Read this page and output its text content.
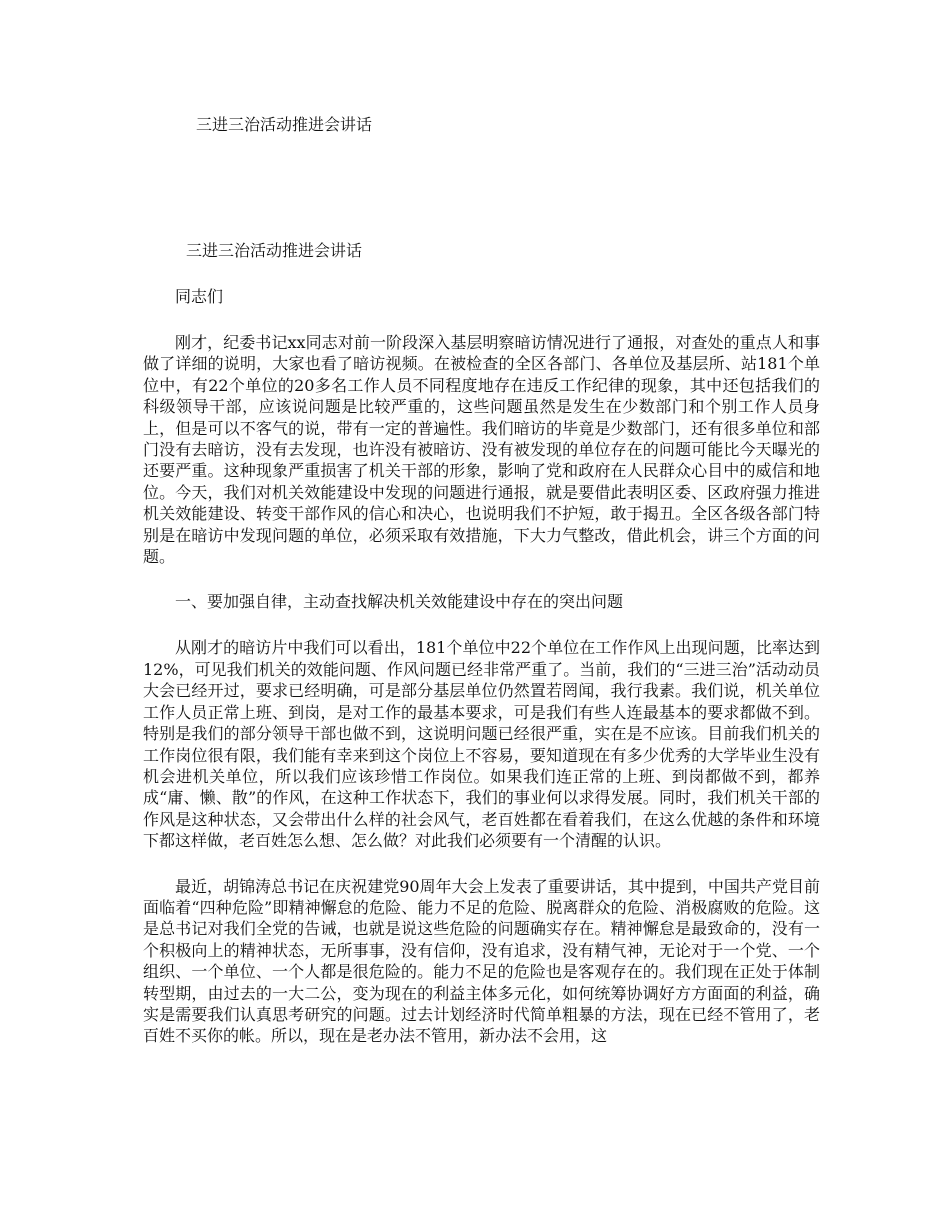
三进三治活动推进会讲话
三进三治活动推进会讲话
同志们

刚才，纪委书记xx同志对前一阶段深入基层明察暗访情况进行了通报，对查处的重点人和事做了详细的说明，大家也看了暗访视频。在被检查的全区各部门、各单位及基层所、站181个单位中，有22个单位的20多名工作人员不同程度地存在违反工作纪律的现象，其中还包括我们的科级领导干部，应该说问题是比较严重的，这些问题虽然是发生在少数部门和个别工作人员身上，但是可以不客气的说，带有一定的普遍性。我们暗访的毕竟是少数部门，还有很多单位和部门没有去暗访，没有去发现，也许没有被暗访、没有被发现的单位存在的问题可能比今天曝光的还要严重。这种现象严重损害了机关干部的形象，影响了党和政府在人民群众心目中的威信和地位。今天，我们对机关效能建设中发现的问题进行通报，就是要借此表明区委、区政府强力推进机关效能建设、转变干部作风的信心和决心，也说明我们不护短，敢于揭丑。全区各级各部门特别是在暗访中发现问题的单位，必须采取有效措施，下大力气整改，借此机会，讲三个方面的问题。

一、要加强自律，主动查找解决机关效能建设中存在的突出问题

从刚才的暗访片中我们可以看出，181个单位中22个单位在工作作风上出现问题，比率达到12%，可见我们机关的效能问题、作风问题已经非常严重了。当前，我们的“三进三治”活动动员大会已经开过，要求已经明确，可是部分基层单位仍然置若罔闻，我行我素。我们说，机关单位工作人员正常上班、到岗，是对工作的最基本要求，可是我们有些人连最基本的要求都做不到。特别是我们的部分领导干部也做不到，这说明问题已经很严重，实在是不应该。目前我们机关的工作岗位很有限，我们能有幸来到这个岗位上不容易，要知道现在有多少优秀的大学毕业生没有机会进机关单位，所以我们应该珍惜工作岗位。如果我们连正常的上班、到岗都做不到，都养成“庸、懒、散”的作风，在这种工作状态下，我们的事业何以求得发展。同时，我们机关干部的作风是这种状态，又会带出什么样的社会风气，老百姓都在看着我们，在这么优越的条件和环境下都这样做，老百姓怎么想、怎么做？对此我们必须要有一个清醒的认识。

最近，胡锦涛总书记在庆祝建党90周年大会上发表了重要讲话，其中提到，中国共产党目前面临着“四种危险”即精神懈怠的危险、能力不足的危险、脱离群众的危险、消极腐败的危险。这是总书记对我们全党的告诫，也就是说这些危险的问题确实存在。精神懈怠是最致命的，没有一个积极向上的精神状态，无所事事，没有信仰，没有追求，没有精气神，无论对于一个党、一个组织、一个单位、一个人都是很危险的。能力不足的危险也是客观存在的。我们现在正处于体制转型期，由过去的一大二公，变为现在的利益主体多元化，如何统筹协调好方方面面的利益，确实是需要我们认真思考研究的问题。过去计划经济时代简单粗暴的方法，现在已经不管用了，老百姓不买你的帐。所以，现在是老办法不管用，新办法不会用，这
